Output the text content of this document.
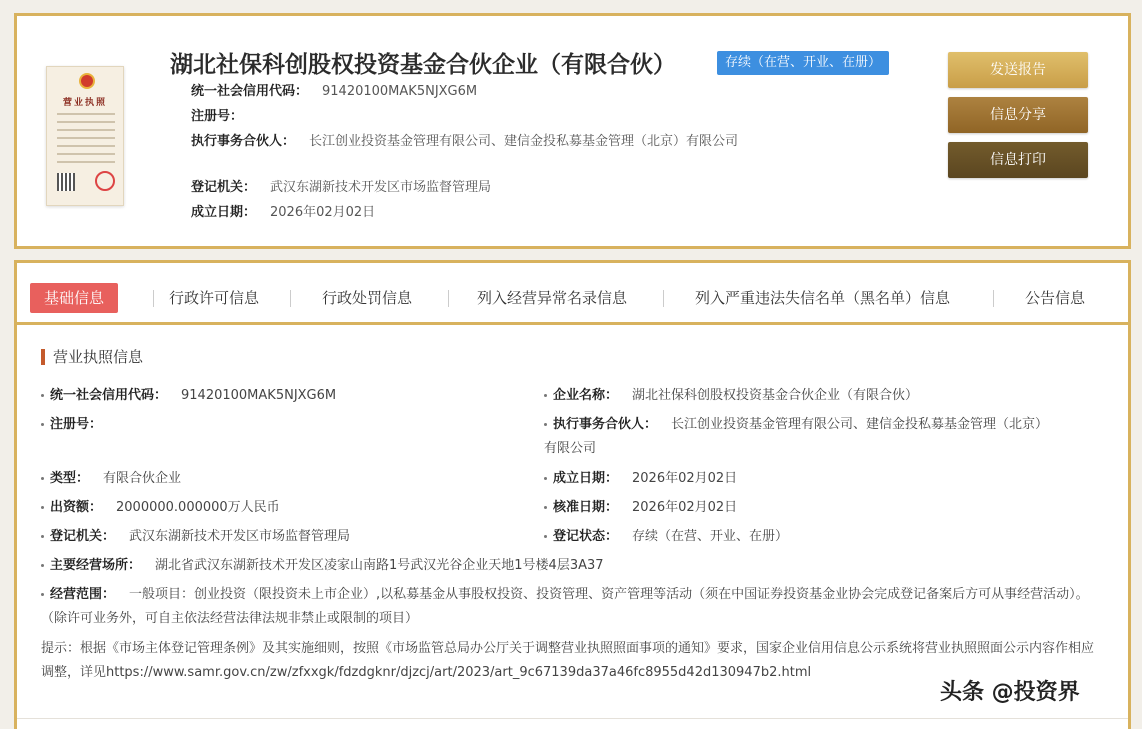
营业执照
湖北社保科创股权投资基金合伙企业（有限合伙）	存续（在营、开业、在册）
统一社会信用代码： 91420100MAK5NJXG6M
注册号：
执行事务合伙人： 长江创业投资基金管理有限公司、建信金投私募基金管理（北京）有限公司
登记机关： 武汉东湖新技术开发区市场监督管理局
成立日期： 2026年02月02日
发送报告
信息分享
信息打印
基础信息	行政许可信息	行政处罚信息	列入经营异常名录信息	列入严重违法失信名单（黑名单）信息	公告信息
营业执照信息
统一社会信用代码： 91420100MAK5NJXG6M	企业名称： 湖北社保科创股权投资基金合伙企业（有限合伙）
注册号：	执行事务合伙人： 长江创业投资基金管理有限公司、建信金投私募基金管理（北京）有限公司
类型： 有限合伙企业	成立日期： 2026年02月02日
出资额： 2000000.000000万人民币	核准日期： 2026年02月02日
登记机关： 武汉东湖新技术开发区市场监督管理局	登记状态： 存续（在营、开业、在册）
主要经营场所： 湖北省武汉东湖新技术开发区凌家山南路1号武汉光谷企业天地1号楼4层3A37
经营范围： 一般项目：创业投资（限投资未上市企业）,以私募基金从事股权投资、投资管理、资产管理等活动（须在中国证券投资基金业协会完成登记备案后方可从事经营活动）。（除许可业务外，可自主依法经营法律法规非禁止或限制的项目）
提示：根据《市场主体登记管理条例》及其实施细则，按照《市场监管总局办公厅关于调整营业执照照面事项的通知》要求，国家企业信用信息公示系统将营业执照照面公示内容作相应调整，详见https://www.samr.gov.cn/zw/zfxxgk/fdzdgknr/djzcj/art/2023/art_9c67139da37a46fc8955d42d130947b2.html
头条 @投资界
